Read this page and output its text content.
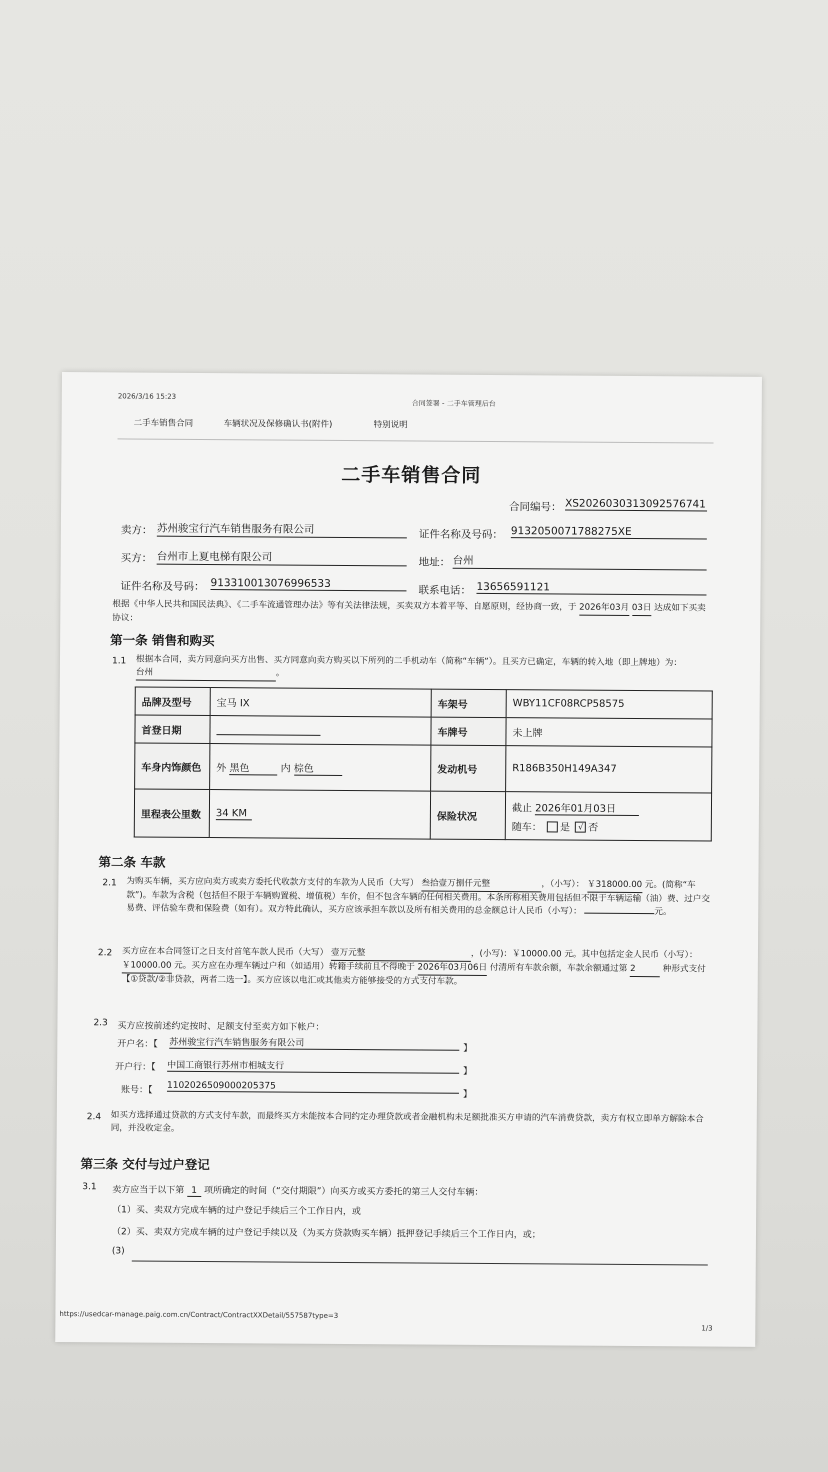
2026/3/16 15:23
合同签署 - 二手车管理后台
二手车销售合同	车辆状况及保修确认书(附件)	特别说明
二手车销售合同
合同编号： XS2026030313092576741
卖方： 苏州骏宝行汽车销售服务有限公司	证件名称及号码： 9132050071788275XE
买方： 台州市上夏电梯有限公司	地址： 台州
证件名称及号码： 913310013076996533
联系电话： 13656591121
根据《中华人民共和国民法典》、《二手车流通管理办法》等有关法律法规，买卖双方本着平等、自愿原则，经协商一致，于 2026年03月 03日 达成如下买卖协议：
第一条 销售和购买
1.1 根据本合同，卖方同意向买方出售、买方同意向卖方购买以下所列的二手机动车（简称“车辆”）。且买方已确定，车辆的转入地（即上牌地）为： 台州	。
品牌及型号	宝马 IX	车架号	WBY11CF08RCP58575
首登日期		车牌号	未上牌
车身内饰颜色	外 黑色 内 棕色	发动机号	R186B350H149A347
里程表公里数	34 KM	保险状况	截止 2026年01月03日
随车： 是 √ 否
第二条 车款
2.1 为购买车辆，买方应向卖方或卖方委托代收款方支付的车款为人民币（大写） 叁拾壹万捌仟元整	，（小写）： ￥318000.00 元。(简称“车款”)。车款为含税（包括但不限于车辆购置税、增值税）车价，但不包含车辆的任何相关费用。本条所称相关费用包括但不限于车辆运输（油）费、过户交易费、评估验车费和保险费（如有）。双方特此确认，买方应该承担车款以及所有相关费用的总金额总计人民币（小写）：	元。
2.2 买方应在本合同签订之日支付首笔车款人民币（大写） 壹万元整	，(小写)：￥10000.00 元。其中包括定金人民币（小写）： ￥10000.00 元。买方应在办理车辆过户和（如适用）转籍手续前且不得晚于 2026年03月06日 付清所有车款余额，车款余额通过第 2	种形式支付【①贷款/②非贷款，两者二选一】。买方应该以电汇或其他卖方能够接受的方式支付车款。
2.3 买方应按前述约定按时、足额支付至卖方如下帐户：
开户名：【 苏州骏宝行汽车销售服务有限公司
】
开户行：【 中国工商银行苏州市相城支行
】
账号：【 1102026509000205375
】
2.4 如买方选择通过贷款的方式支付车款，而最终买方未能按本合同约定办理贷款或者金融机构未足额批准买方申请的汽车消费贷款，卖方有权立即单方解除本合同，并没收定金。
第三条 交付与过户登记
3.1 卖方应当于以下第 1 项所确定的时间（“交付期限”）向买方或买方委托的第三人交付车辆：
（1）买、卖双方完成车辆的过户登记手续后三个工作日内，或
（2）买、卖双方完成车辆的过户登记手续以及（为买方贷款购买车辆）抵押登记手续后三个工作日内，或；
(3)
https://usedcar-manage.paig.com.cn/Contract/ContractXXDetail/557587type=3
1/3
